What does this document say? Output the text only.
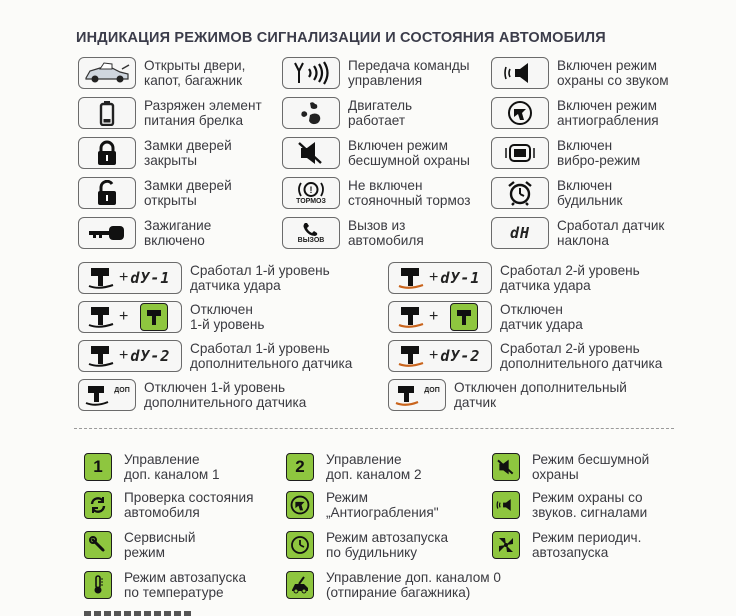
ИНДИКАЦИЯ РЕЖИМОВ СИГНАЛИЗАЦИИ И СОСТОЯНИЯ АВТОМОБИЛЯ
Открыты двери,
капот, багажник
Разряжен элемент
питания брелка
Замки дверей
закрыты
Замки дверей
открыты
Зажигание
включено
Передача команды
управления
Двигатель
работает
Включен режим
бесшумной охраны
!
ТОРМОЗ
Не включен
стояночный тормоз
ВЫЗОВ
Вызов из
автомобиля
Включен режим
охраны со звуком
Включен режим
антиограбления
Включен
вибро-режим
Включен
будильник
dH Сработал датчик
наклона
+ dУ-1 Сработал 1-й уровень
датчика удара
+	Отключен
1-й уровень
+ dУ-2 Сработал 1-й уровень
дополнительного датчика
ДОП Отключен 1-й уровень
дополнительного датчика
+ dУ-1 Сработал 2-й уровень
датчика удара
+	Отключен
датчик удара
+ dУ-2 Сработал 2-й уровень
дополнительного датчика
ДОП Отключен дополнительный
датчик
1 Управление
доп. каналом 1
Проверка состояния
автомобиля
Сервисный
режим
Режим автозапуска
по температуре
2 Управление
доп. каналом 2
Режим
„Антиограбления"
Режим автозапуска
по будильнику
Управление доп. каналом 0
(отпирание багажника)
Режим бесшумной
охраны
Режим охраны со
звуков. сигналами
Режим периодич.
автозапуска
